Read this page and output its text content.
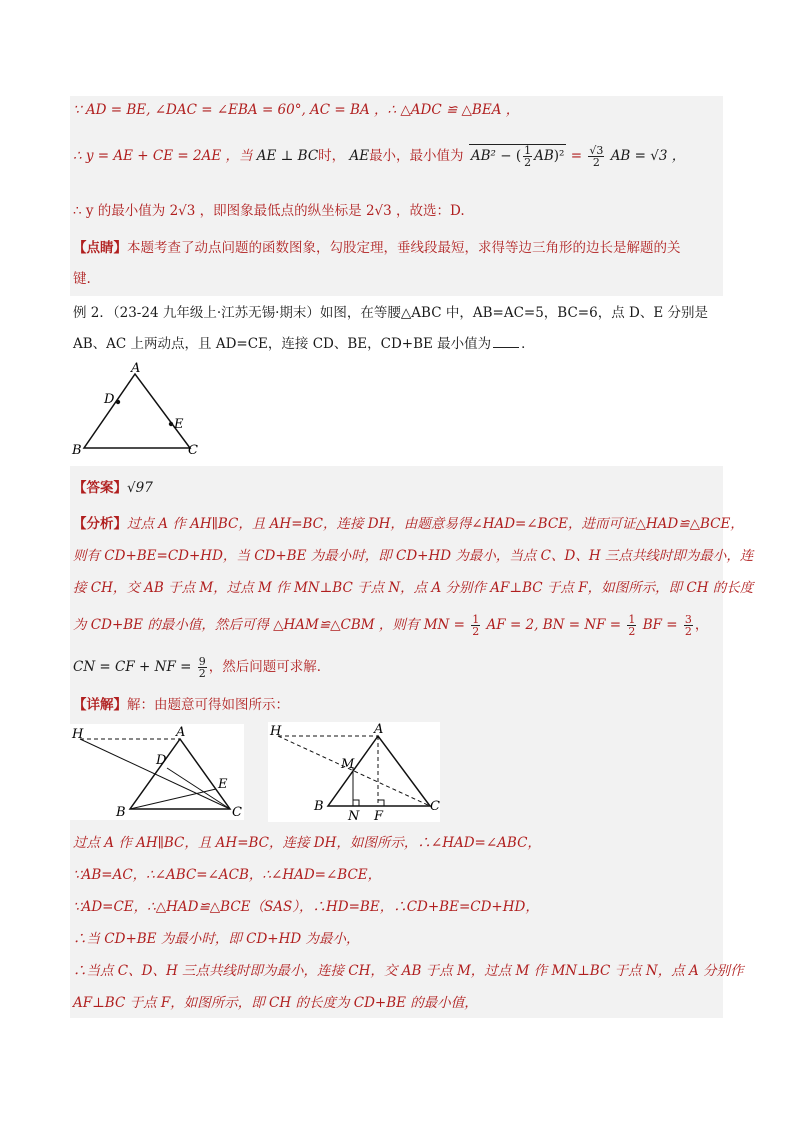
∵ AD = BE, ∠DAC = ∠EBA = 60°, AC = BA ，∴ △ADC ≌ △BEA ，
∴ y = AE + CE = 2AE ，当 AE ⊥ BC时， AE最小，最小值为 AB² − ( $\frac{1}{2} AB)^2 = \frac{√3}{2}$ AB = √3 ，
∴ y 的最小值为 2√3 ，即图象最低点的纵坐标是 2√3 ，故选：D.
【点睛】本题考查了动点问题的函数图象，勾股定理，垂线段最短，求得等边三角形的边长是解题的关
键.
例 2．（23-24 九年级上·江苏无锡·期末）如图，在等腰△ABC 中，AB=AC=5，BC=6，点 D、E 分别是
AB、AC 上两动点，且 AD=CE，连接 CD、BE，CD+BE 最小值为 ．
A
D
E
B	C
【答案】√97
【分析】过点 A 作 AH∥BC，且 AH=BC，连接 DH，由题意易得∠HAD=∠BCE，进而可证△HAD≌△BCE，
则有 CD+BE=CD+HD，当 CD+BE 为最小时，即 CD+HD 为最小，当点 C、D、H 三点共线时即为最小，连
接 CH，交 AB 于点 M，过点 M 作 MN⊥BC 于点 N，点 A 分别作 AF⊥BC 于点 F，如图所示，即 CH 的长度
为 CD+BE 的最小值，然后可得 △HAM≌△CBM ，则有 MN = $\frac{1}{2}$ AF = 2, BN = NF = $\frac{1}{2}$ BF = $\frac{3}{2}$ ，
CN = CF + NF = $\frac{9}{2}$ ，然后问题可求解．
【详解】解：由题意可得如图所示：
H	A
D
E
B	C
H	A
M
B	C
N F
过点 A 作 AH∥BC，且 AH=BC，连接 DH，如图所示，∴∠HAD=∠ABC，
∵AB=AC，∴∠ABC=∠ACB，∴∠HAD=∠BCE，
∵AD=CE，∴△HAD≌△BCE（SAS），∴HD=BE，∴CD+BE=CD+HD，
∴当 CD+BE 为最小时，即 CD+HD 为最小，
∴当点 C、D、H 三点共线时即为最小，连接 CH，交 AB 于点 M，过点 M 作 MN⊥BC 于点 N，点 A 分别作
AF⊥BC 于点 F，如图所示，即 CH 的长度为 CD+BE 的最小值，
